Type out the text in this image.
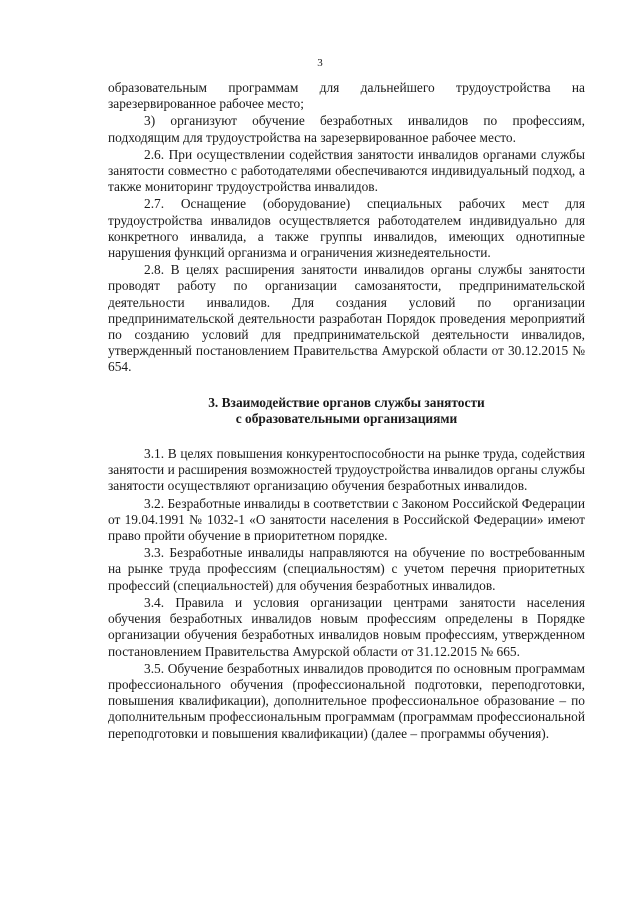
3

образовательным программам для дальнейшего трудоустройства на зарезервированное рабочее место;

3) организуют обучение безработных инвалидов по профессиям, подходящим для трудоустройства на зарезервированное рабочее место.

2.6. При осуществлении содействия занятости инвалидов органами службы занятости совместно с работодателями обеспечиваются индивидуальный подход, а также мониторинг трудоустройства инвалидов.

2.7. Оснащение (оборудование) специальных рабочих мест для трудоустройства инвалидов осуществляется работодателем индивидуально для конкретного инвалида, а также группы инвалидов, имеющих однотипные нарушения функций организма и ограничения жизнедеятельности.

2.8. В целях расширения занятости инвалидов органы службы занятости проводят работу по организации самозанятости, предпринимательской деятельности инвалидов. Для создания условий по организации предпринимательской деятельности разработан Порядок проведения мероприятий по созданию условий для предпринимательской деятельности инвалидов, утвержденный постановлением Правительства Амурской области от 30.12.2015 № 654.

3. Взаимодействие органов службы занятости

с образовательными организациями

3.1. В целях повышения конкурентоспособности на рынке труда, содействия занятости и расширения возможностей трудоустройства инвалидов органы службы занятости осуществляют организацию обучения безработных инвалидов.

3.2. Безработные инвалиды в соответствии с Законом Российской Федерации от 19.04.1991 № 1032-1 «О занятости населения в Российской Федерации» имеют право пройти обучение в приоритетном порядке.

3.3. Безработные инвалиды направляются на обучение по востребованным на рынке труда профессиям (специальностям) с учетом перечня приоритетных профессий (специальностей) для обучения безработных инвалидов.

3.4. Правила и условия организации центрами занятости населения обучения безработных инвалидов новым профессиям определены в Порядке организации обучения безработных инвалидов новым профессиям, утвержденном постановлением Правительства Амурской области от 31.12.2015 № 665.

3.5. Обучение безработных инвалидов проводится по основным программам профессионального обучения (профессиональной подготовки, переподготовки, повышения квалификации), дополнительное профессиональное образование – по дополнительным профессиональным программам (программам профессиональной переподготовки и повышения квалификации) (далее – программы обучения).
